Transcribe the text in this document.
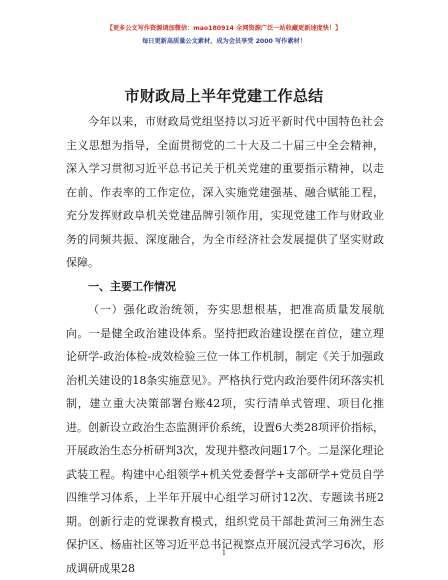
【更多公文写作资源请加微信：mao180914 全网资源广泛一站收藏更新速度快！】
每日更新高质量公文素材，成为会员享受 2000 写作素材！
市财政局上半年党建工作总结

今年以来，市财政局党组坚持以习近平新时代中国特色社会主义思想为指导，全面贯彻党的二十大及二十届三中全会精神，深入学习贯彻习近平总书记关于机关党建的重要指示精神，以走在前、作表率的工作定位，深入实施党建强基、融合赋能工程，充分发挥财政阜机关党建品牌引领作用，实现党建工作与财政业务的同频共振、深度融合，为全市经济社会发展提供了坚实财政保障。

一、主要工作情况

（一）强化政治统领，夯实思想根基，把准高质量发展航向。一是健全政治建设体系。坚持把政治建设摆在首位，建立理论研学-政治体检-成效检验三位一体工作机制，制定《关于加强政治机关建设的18条实施意见》。严格执行党内政治要件闭环落实机制，建立重大决策部署台账42项，实行清单式管理、项目化推进。创新设立政治生态监测评价系统，设置6大类28项评价指标，开展政治生态分析研判3次，发现并整改问题17个。二是深化理论武装工程。构建中心组领学+机关党委督学+支部研学+党员自学四维学习体系，上半年开展中心组学习研讨12次、专题读书班2期。创新行走的党课教育模式，组织党员干部赴黄河三角洲生态保护区、杨庙社区等习近平总书记视察点开展沉浸式学习6次，形成调研成果28

1
